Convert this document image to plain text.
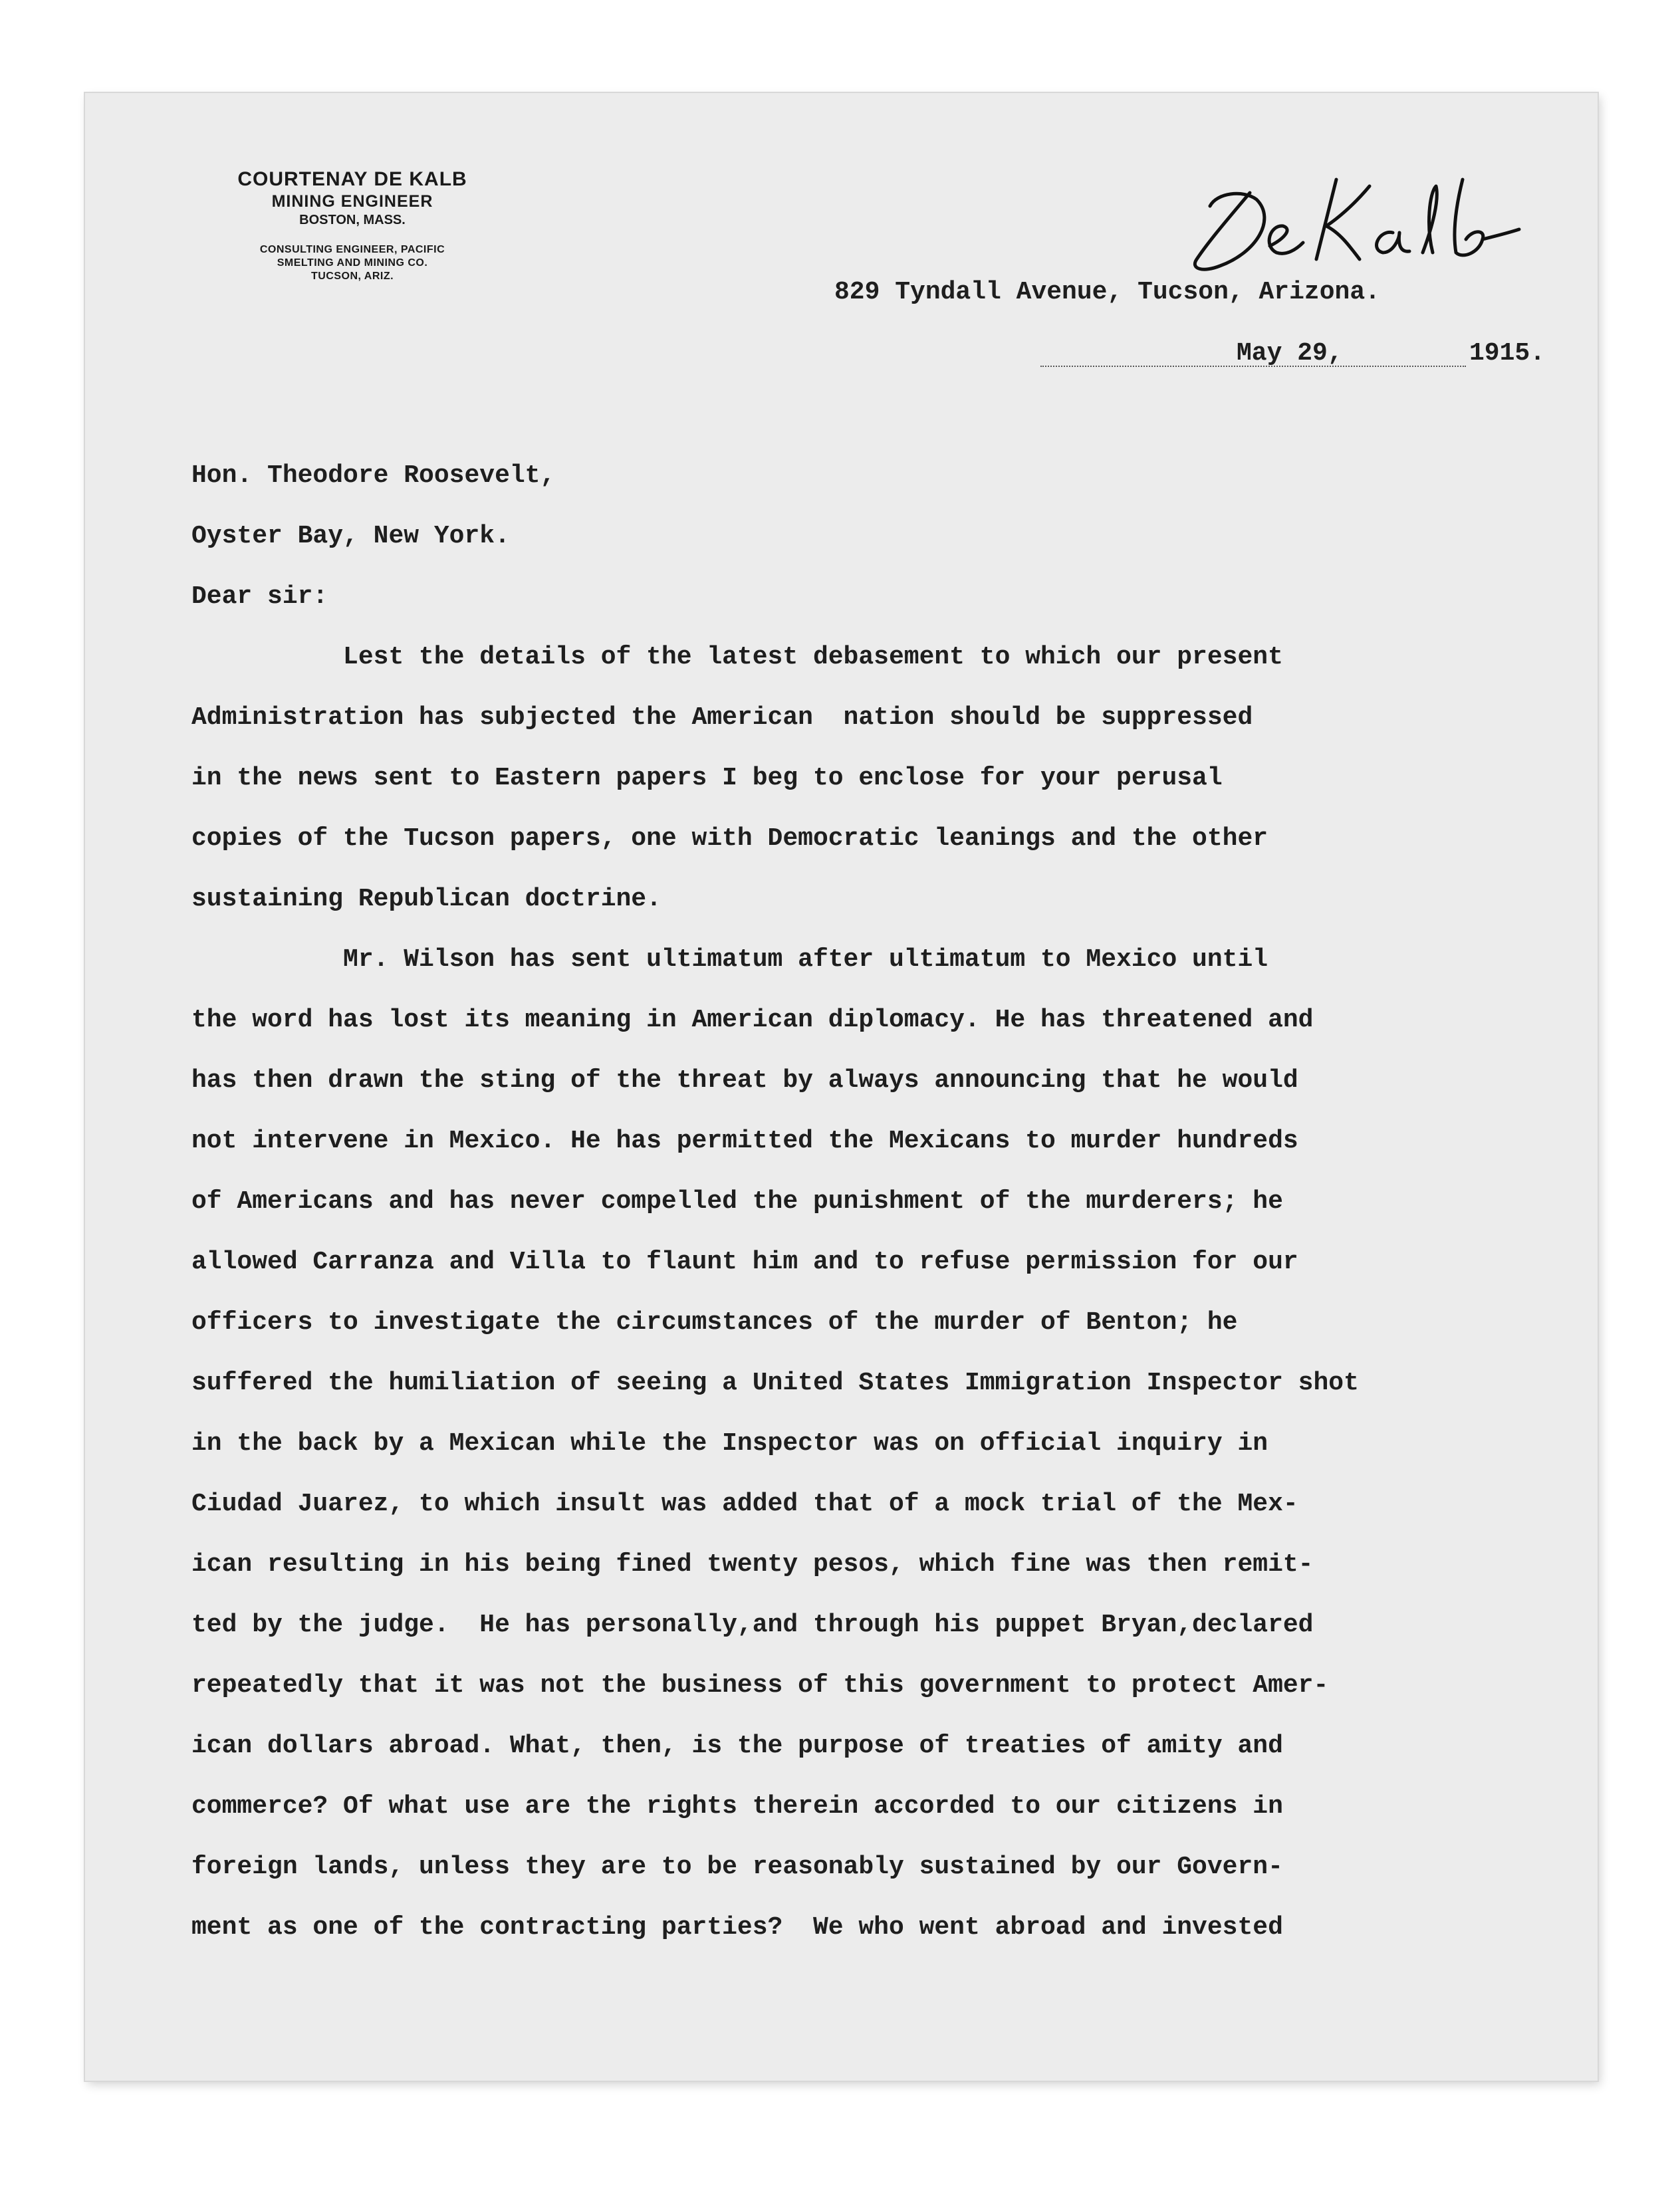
COURTENAY DE KALB
MINING ENGINEER
BOSTON, MASS.
CONSULTING ENGINEER, PACIFIC
SMELTING AND MINING CO.
TUCSON, ARIZ.
829 Tyndall Avenue, Tucson, Arizona.
May 29,	1915.
Hon. Theodore Roosevelt,
Oyster Bay, New York.
Dear sir:
Lest the details of the latest debasement to which our present
Administration has subjected the American  nation should be suppressed
in the news sent to Eastern papers I beg to enclose for your perusal
copies of the Tucson papers, one with Democratic leanings and the other
sustaining Republican doctrine.
Mr. Wilson has sent ultimatum after ultimatum to Mexico until
the word has lost its meaning in American diplomacy. He has threatened and
has then drawn the sting of the threat by always announcing that he would
not intervene in Mexico. He has permitted the Mexicans to murder hundreds
of Americans and has never compelled the punishment of the murderers; he
allowed Carranza and Villa to flaunt him and to refuse permission for our
officers to investigate the circumstances of the murder of Benton; he
suffered the humiliation of seeing a United States Immigration Inspector shot
in the back by a Mexican while the Inspector was on official inquiry in
Ciudad Juarez, to which insult was added that of a mock trial of the Mex-
ican resulting in his being fined twenty pesos, which fine was then remit-
ted by the judge.  He has personally,and through his puppet Bryan,declared
repeatedly that it was not the business of this government to protect Amer-
ican dollars abroad. What, then, is the purpose of treaties of amity and
commerce? Of what use are the rights therein accorded to our citizens in
foreign lands, unless they are to be reasonably sustained by our Govern-
ment as one of the contracting parties?  We who went abroad and invested
